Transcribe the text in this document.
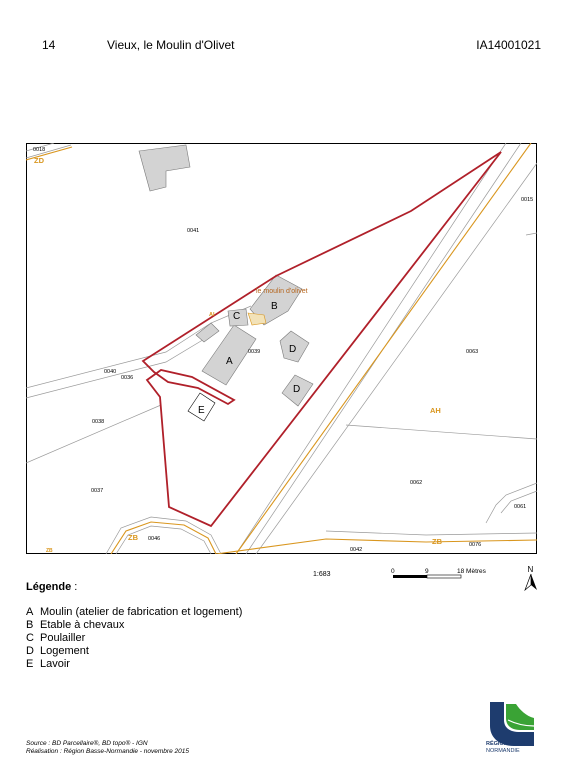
14	Vieux, le Moulin d'Olivet	IA14001021
0018
0041
0015
0039	0063
0040
0038
0036
0062
0037
0061
0046
0042
0076
ZD
AH
AI
ZB	ZB
ZB
le moulin d'olivet
A
B
C
D
D
E
1:683	0	9	18 Mètres	N
Légende :
A Moulin (atelier de fabrication et logement)
B Etable à chevaux
C Poulailler
D Logement
E Lavoir
Source : BD Parcellaire®, BD topo® - IGN
Réalisation : Région Basse-Normandie - novembre 2015
RÉGION BASSE
NORMANDIE
